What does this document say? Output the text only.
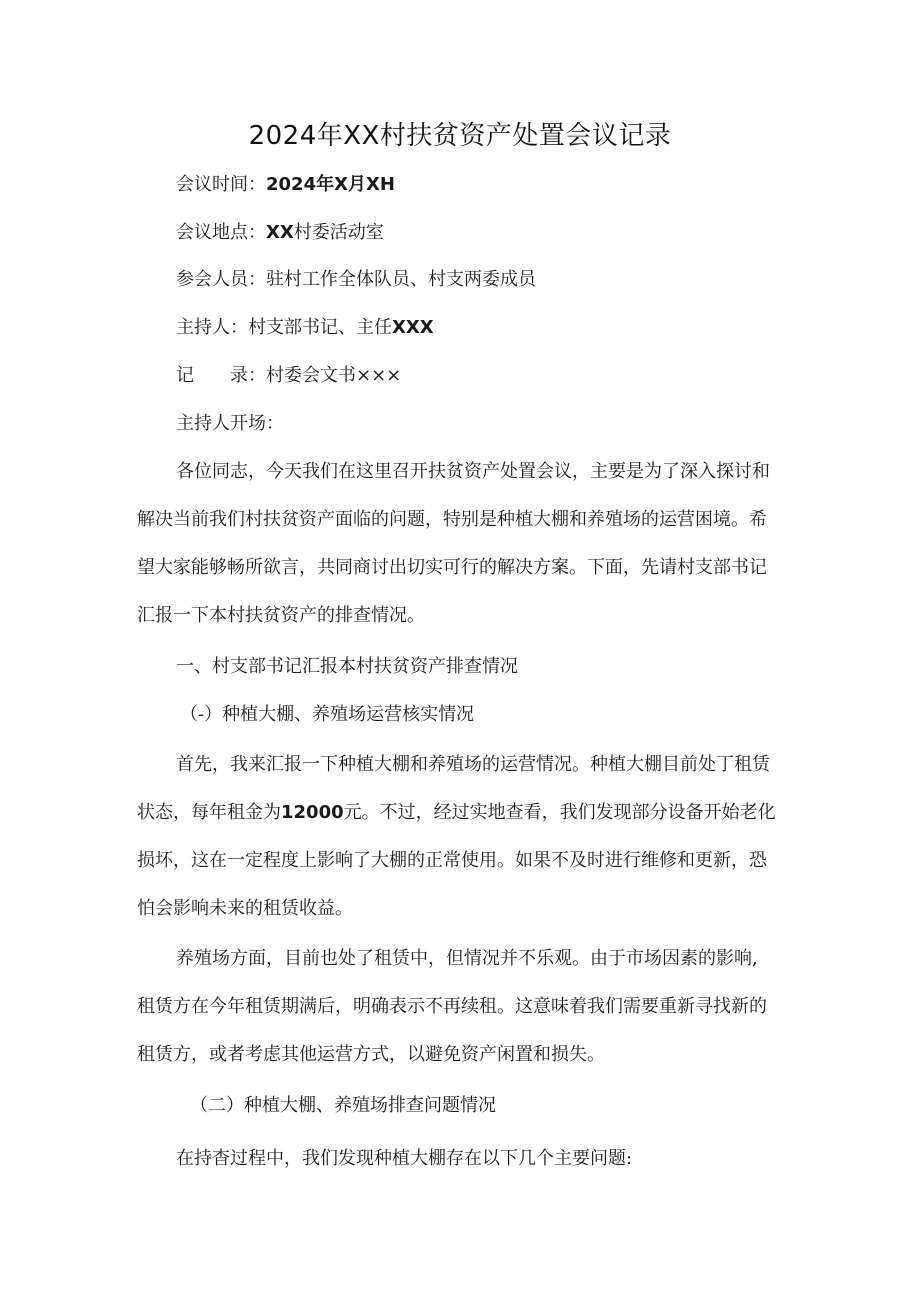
2024年XX村扶贫资产处置会议记录
会议时间：2024年X月XH
会议地点：XX村委活动室
参会人员：驻村工作全体队员、村支两委成员
主持人：村支部书记、主任XXX
记 录：村委会文书×××
主持人开场：
各位同志，今天我们在这里召开扶贫资产处置会议，主要是为了深入探讨和
解决当前我们村扶贫资产面临的问题，特别是种植大棚和养殖场的运营困境。希
望大家能够畅所欲言，共同商讨出切实可行的解决方案。下面，先请村支部书记
汇报一下本村扶贫资产的排查情况。
一、村支部书记汇报本村扶贫资产排查情况
（-）种植大棚、养殖场运营核实情况
首先，我来汇报一下种植大棚和养殖场的运营情况。种植大棚目前处丁租赁
状态，每年租金为12000元。不过，经过实地查看，我们发现部分设备开始老化
损坏，这在一定程度上影响了大棚的正常使用。如果不及时进行维修和更新，恐
怕会影响未来的租赁收益。
养殖场方面，目前也处了租赁中，但情况并不乐观。由于市场因素的影响,
租赁方在今年租赁期满后，明确表示不再续租。这意味着我们需要重新寻找新的
租赁方，或者考虑其他运营方式，以避免资产闲置和损失。
（二）种植大棚、养殖场排查问题情况
在持杳过程中，我们发现种植大棚存在以下几个主要问题:
